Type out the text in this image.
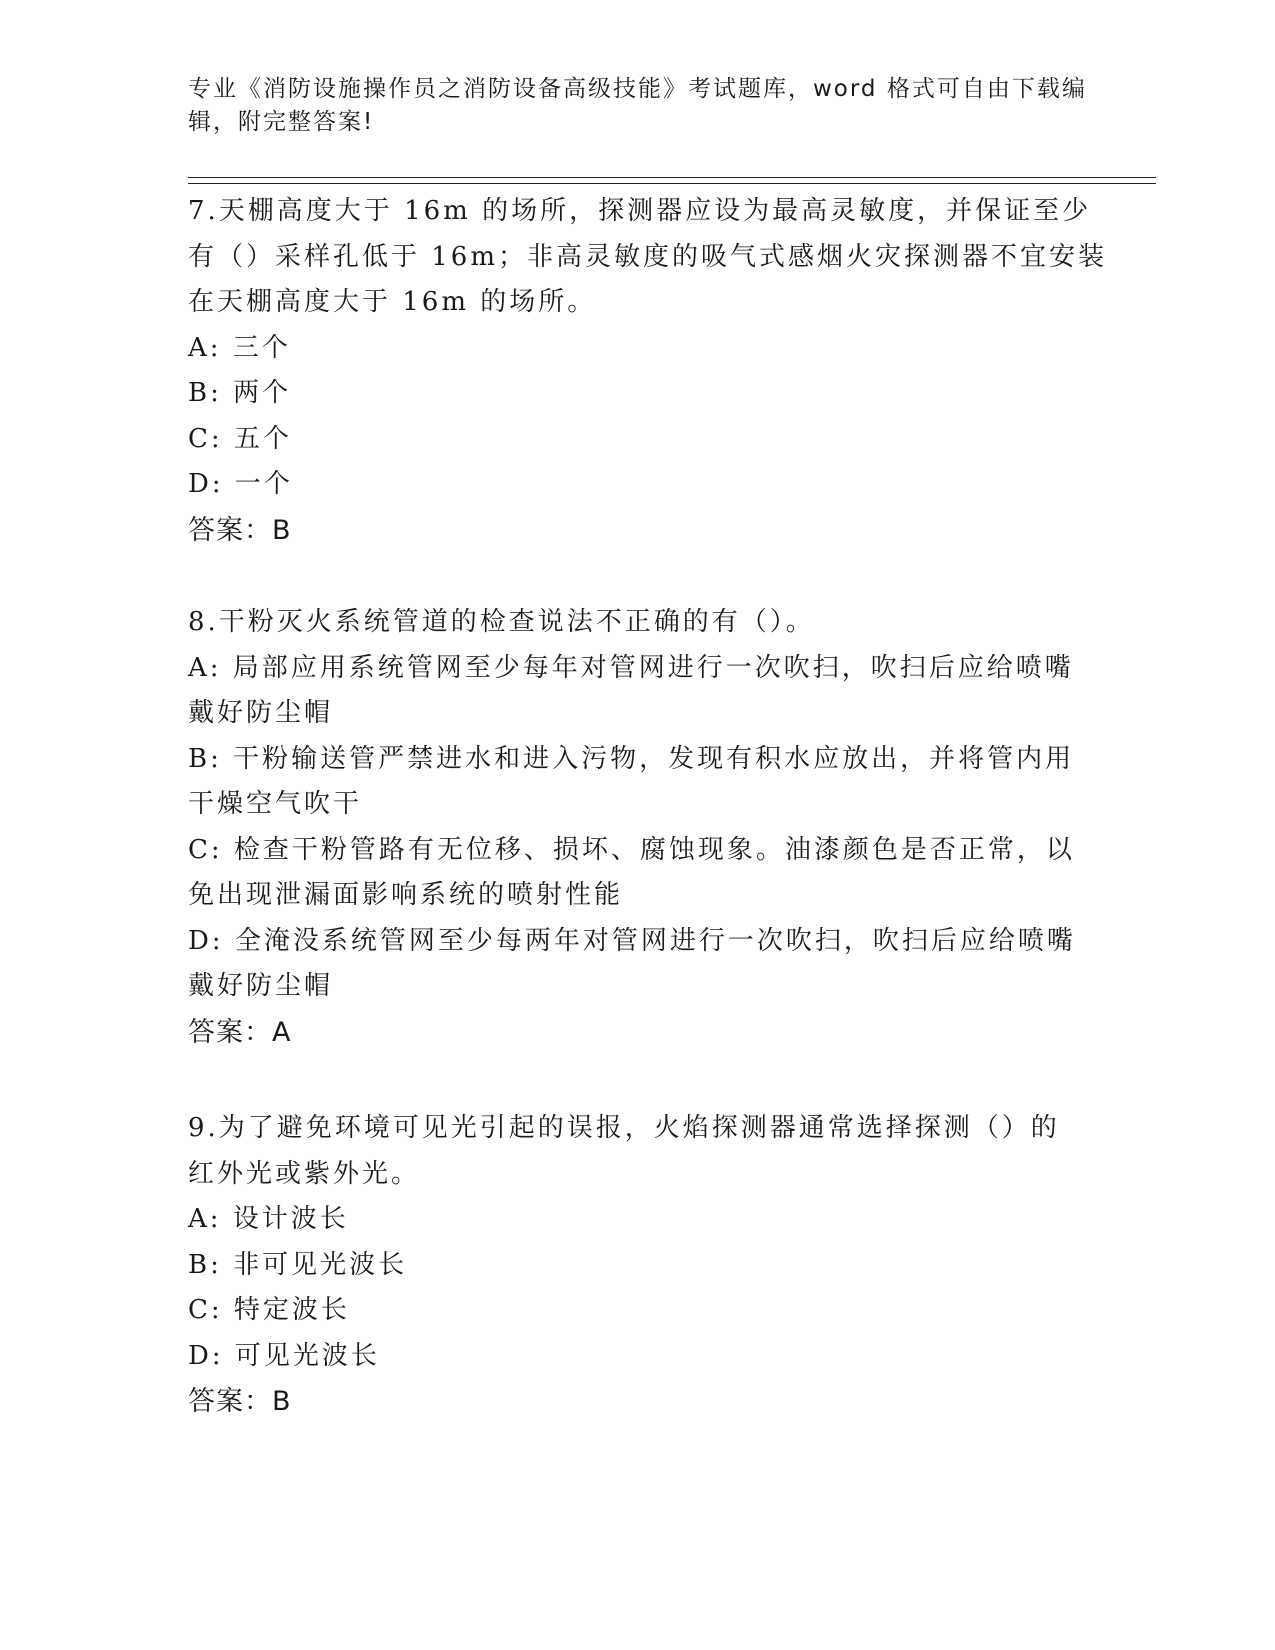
专业《消防设施操作员之消防设备高级技能》考试题库，word 格式可自由下载编
辑，附完整答案!
7.天棚高度大于 16m 的场所，探测器应设为最高灵敏度，并保证至少
有（）采样孔低于 16m；非高灵敏度的吸气式感烟火灾探测器不宜安装
在天棚高度大于 16m 的场所。
A: 三个
B: 两个
C: 五个
D: 一个
答案：B
8.干粉灭火系统管道的检查说法不正确的有（）。
A: 局部应用系统管网至少每年对管网进行一次吹扫，吹扫后应给喷嘴
戴好防尘帽
B: 干粉输送管严禁进水和进入污物，发现有积水应放出，并将管内用
干燥空气吹干
C: 检查干粉管路有无位移、损坏、腐蚀现象。油漆颜色是否正常，以
免出现泄漏面影响系统的喷射性能
D: 全淹没系统管网至少每两年对管网进行一次吹扫，吹扫后应给喷嘴
戴好防尘帽
答案：A
9.为了避免环境可见光引起的误报，火焰探测器通常选择探测（）的
红外光或紫外光。
A: 设计波长
B: 非可见光波长
C: 特定波长
D: 可见光波长
答案：B
